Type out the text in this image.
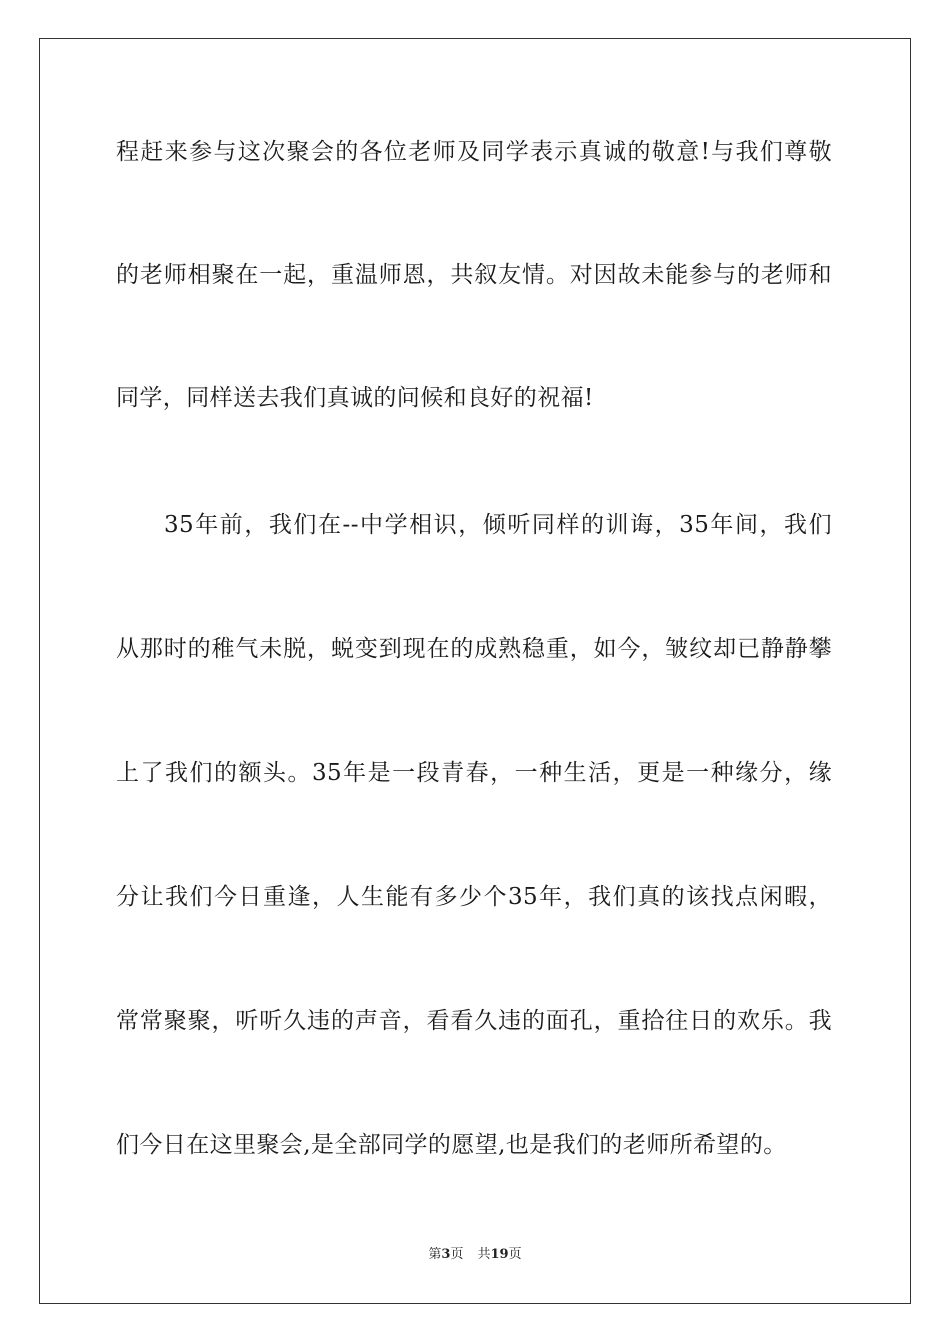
程赶来参与这次聚会的各位老师及同学表示真诚的敬意!与我们尊敬
的老师相聚在一起，重温师恩，共叙友情。对因故未能参与的老师和
同学，同样送去我们真诚的问候和良好的祝福!
35年前，我们在--中学相识，倾听同样的训诲，35年间，我们
从那时的稚气未脱，蜕变到现在的成熟稳重，如今，皱纹却已静静攀
上了我们的额头。35年是一段青春，一种生活，更是一种缘分，缘
分让我们今日重逢，人生能有多少个35年，我们真的该找点闲暇，
常常聚聚，听听久违的声音，看看久违的面孔，重拾往日的欢乐。我
们今日在这里聚会,是全部同学的愿望,也是我们的老师所希望的。
第3页 共19页
